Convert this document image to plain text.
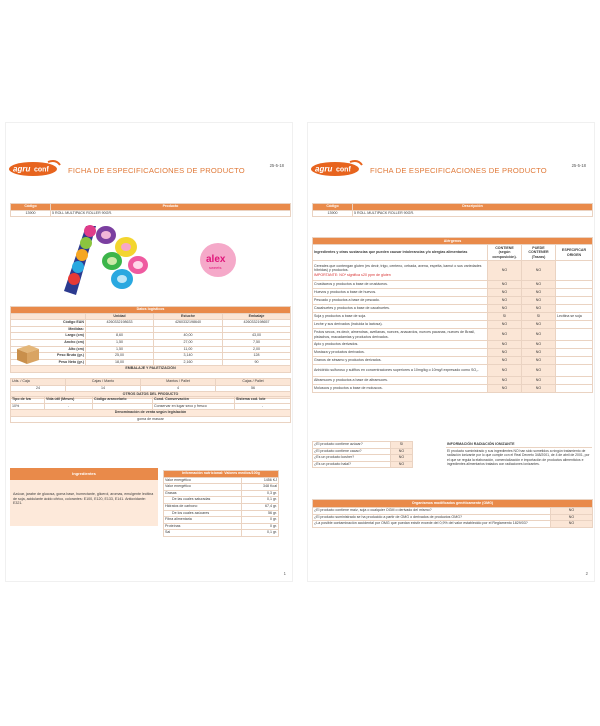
agru conf	FICHA DE ESPECIFICACIONES DE PRODUCTO
25-5-18
Código	Producto
13900	5 ROLL MULTIPACK ROLLER 90GR.
alex
sweets
Datos logísticos			
	Unidad	Estuche	Embalaje
Código EAN	4260332198633	4260332198640	4260332198657
Medidas:			
Largo (cm)	8,60	40,00	43,00
Ancho (cm)	1,50	27,00	7,50
Alto (cm)	1,50	11,00	2,00
Peso Bruto (gr.)	25,00	3,140	128
Peso Neto (gr.)	18,00	2,160	90
EMBALAJE Y PALETIZACIÓN			
Uds. / Caja	Cajas / Manto	Mantos / Pallet	Cajas / Pallet
24	14	4	56
OTROS DATOS DEL PRODUCTO			
Tipo de Iva	Vida útil (Meses)	Código arancelario	Cond. Conservación	Sistema cod. lote
10%	-		Conservar en lugar seco y fresco	-
Denominación de venta según legislación				
goma de mascar				
Ingredientes
Azúcar, jarabe de glucosa, goma base, humectante, glicerol, aromas, emulgente lecitina de soja, acidulante ácido cítrico, colorantes: E100, E120, E133, E141. Antioxidante: E321.
Información nutricional: Valores medios/100g	
Valor energético	1456 KJ
Valor energético	348 Kcal
Grasas	0,3 gr.
De las cuales saturadas	0,1 gr.
Hidratos de carbono	67,4 gr.
De los cuales azúcares	56 gr.
Fibra alimentaria	0 gr.
Proteínas	0 gr.
Sal	0,1 gr.
1
agru conf	FICHA DE ESPECIFICACIONES DE PRODUCTO
25-5-18
Código	Descripción
13900	5 ROLL MULTIPACK ROLLER 90GR.
Alérgenos			
Ingredientes y otras sustancias que pueden causar intolerancias y/o alergias alimentarias	CONTIENE (según composición).	PUEDE CONTENER (Trazas)	ESPECIFICAR ORIGEN
Cereales que contengan gluten (es decir, trigo, centeno, cebada, avena, espelta, kamut o sus variedades híbridas) y productos.
IMPORTANTE: NO* significa ≤20 ppm de gluten	NO	NO	
Crustáceos y productos a base de crustáceos.	NO	NO	
Huevos y productos a base de huevos.	NO	NO	
Pescado y productos a base de pescado.	NO	NO	
Cacahuetes y productos a base de cacahuetes.	NO	NO	
Soja y productos a base de soja.	SI	SI	Lecitina se soja
Leche y sus derivados (incluida la lactosa).	NO	NO	
Frutos secos, es decir, almendras, avellanas, nueces, anacardos, nueces pacanas, nueces de Brasil, pistachos, macadamias y productos derivados.	NO	NO	
Apio y productos derivados.	NO	NO	
Mostaza y productos derivados.	NO	NO	
Granos de sésamo y productos derivados.	NO	NO	
Anhídrido sulfuroso y sulfitos en concentraciones superiores a 10mg/kg o 10mg/l expresado como SO₂.	NO	NO	
Altramuces y productos a base de altramuces.	NO	NO	
Moluscos y productos a base de moluscos.	NO	NO	
¿El producto contiene azúcar?	SI
¿El producto contiene cacao?	NO
¿Es un producto kosher?	NO
¿Es un producto halal?	NO
INFORMACIÓN RADIACIÓN IONIZANTE
El producto suministrado y sus ingredientes NO han sido sometidos a ningún tratamiento de radiación ionizante por lo que cumple con el Real Decreto 348/2001, de 4 de abril de 2001, por el que se regula la elaboración, comercialización e importación de productos alimenticios e ingredientes alimentarios tratados con radiaciones ionizantes.
Organismos modificados genéticamente (OMG)	
¿El producto contiene maíz, soja o cualquier OGM o derivado del mismo?	NO
¿El producto suministrado se ha producido a partir de OMG o derivados de productos OMG?	NO
¿La posible contaminación accidental por OMG que puedan existir excede del 0,9% del valor establecido por el Reglamento 1829/03?	NO
2
